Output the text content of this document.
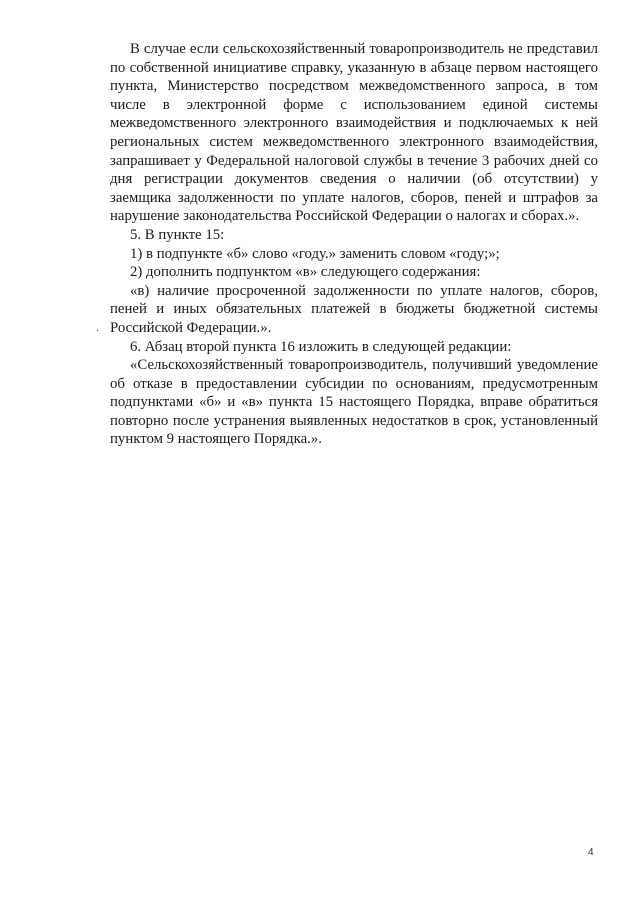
В случае если сельскохозяйственный товаропроизводитель не представил по собственной инициативе справку, указанную в абзаце первом настоящего пункта, Министерство посредством межведомственного запроса, в том числе в электронной форме с использованием единой системы межведомственного электронного взаимодействия и подключаемых к ней региональных систем межведомственного электронного взаимодействия, запрашивает у Федеральной налоговой службы в течение 3 рабочих дней со дня регистрации документов сведения о наличии (об отсутствии) у заемщика задолженности по уплате налогов, сборов, пеней и штрафов за нарушение законодательства Российской Федерации о налогах и сборах.».

5. В пункте 15:

1) в подпункте «б» слово «году.» заменить словом «году;»;

2) дополнить подпунктом «в» следующего содержания:

«в) наличие просроченной задолженности по уплате налогов, сборов, пеней и иных обязательных платежей в бюджеты бюджетной системы Российской Федерации.».

6. Абзац второй пункта 16 изложить в следующей редакции:

«Сельскохозяйственный товаропроизводитель, получивший уведомление об отказе в предоставлении субсидии по основаниям, предусмотренным подпунктами «б» и «в» пункта 15 настоящего Порядка, вправе обратиться повторно после устранения выявленных недостатков в срок, установленный пунктом 9 настоящего Порядка.».

.
4
